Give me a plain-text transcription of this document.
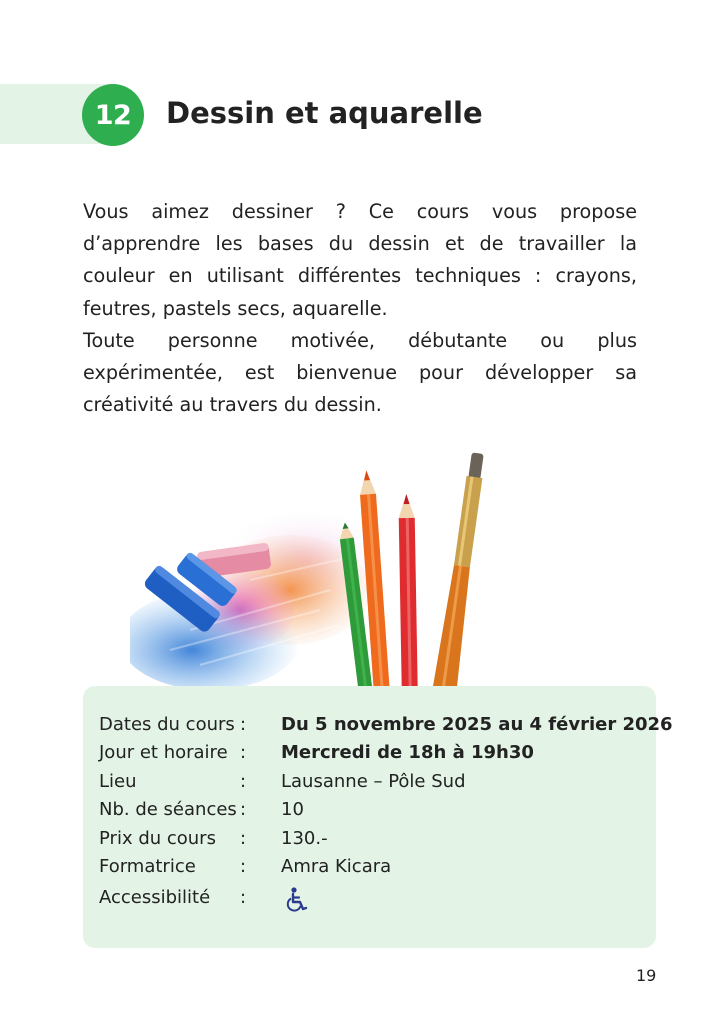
12	Dessin et aquarelle

Vous aimez dessiner ? Ce cours vous propose d’apprendre les bases du dessin et de travailler la couleur en utilisant différentes techniques : crayons, feutres, pastels secs, aquarelle.

Toute personne motivée, débutante ou plus expérimentée, est bienvenue pour développer sa créativité au travers du dessin.

Dates du cours	:	Du 5 novembre 2025 au 4 février 2026
Jour et horaire	:	Mercredi de 18h à 19h30
Lieu	:	Lausanne – Pôle Sud
Nb. de séances	:	10
Prix du cours	:	130.-
Formatrice	:	Amra Kicara
Accessibilité	:	
19
